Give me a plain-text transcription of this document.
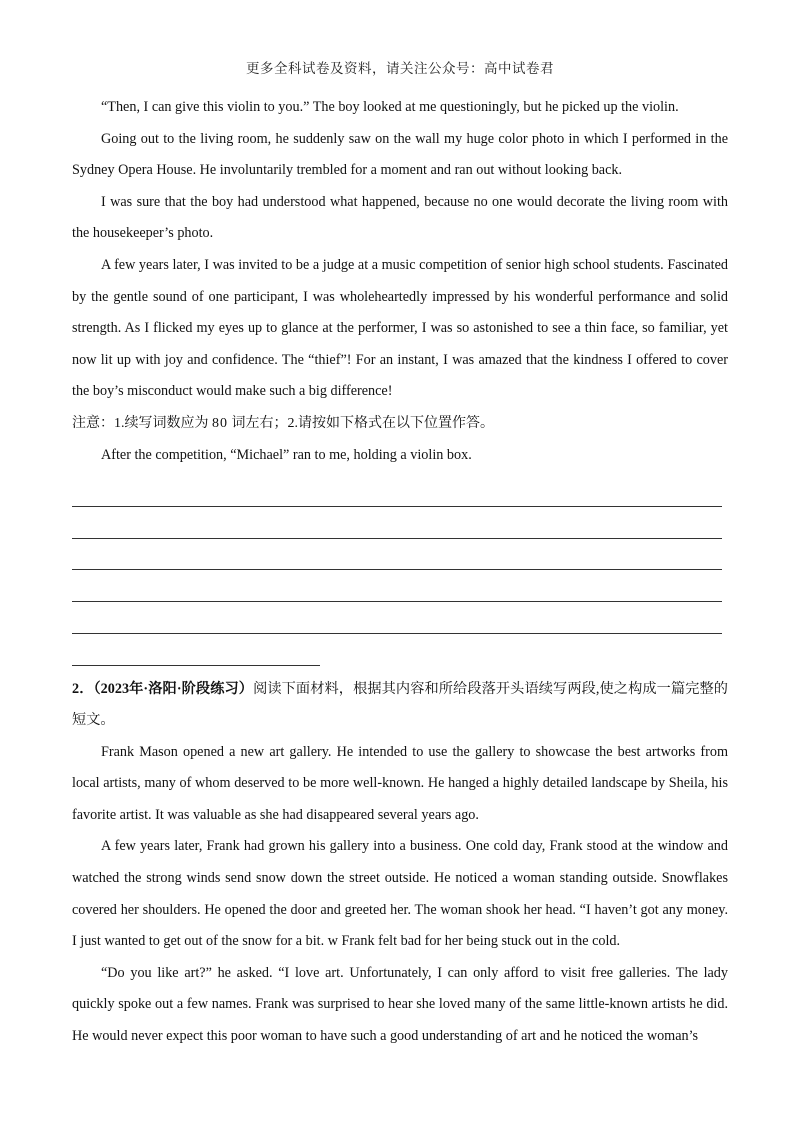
更多全科试卷及资料，请关注公众号：高中试卷君

“Then, I can give this violin to you.” The boy looked at me questioningly, but he picked up the violin.

Going out to the living room, he suddenly saw on the wall my huge color photo in which I performed in the Sydney Opera House. He involuntarily trembled for a moment and ran out without looking back.

I was sure that the boy had understood what happened, because no one would decorate the living room with the housekeeper’s photo.

A few years later, I was invited to be a judge at a music competition of senior high school students. Fascinated by the gentle sound of one participant, I was wholeheartedly impressed by his wonderful performance and solid strength. As I flicked my eyes up to glance at the performer, I was so astonished to see a thin face, so familiar, yet now lit up with joy and confidence. The “thief”! For an instant, I was amazed that the kindness I offered to cover the boy’s misconduct would make such a big difference!

注意：1.续写词数应为 80 词左右；2.请按如下格式在以下位置作答。

After the competition, “Michael” ran to me, holding a violin box.

2．（2023年·洛阳·阶段练习）阅读下面材料，根据其内容和所给段落开头语续写两段,使之构成一篇完整的短文。

Frank Mason opened a new art gallery. He intended to use the gallery to showcase the best artworks from local artists, many of whom deserved to be more well-known. He hanged a highly detailed landscape by Sheila, his favorite artist. It was valuable as she had disappeared several years ago.

A few years later, Frank had grown his gallery into a business. One cold day, Frank stood at the window and watched the strong winds send snow down the street outside. He noticed a woman standing outside. Snowflakes covered her shoulders. He opened the door and greeted her. The woman shook her head. “I haven’t got any money. I just wanted to get out of the snow for a bit. w Frank felt bad for her being stuck out in the cold.

“Do you like art?” he asked. “I love art. Unfortunately, I can only afford to visit free galleries. The lady quickly spoke out a few names. Frank was surprised to hear she loved many of the same little-known artists he did. He would never expect this poor woman to have such a good understanding of art and he noticed the woman’s
